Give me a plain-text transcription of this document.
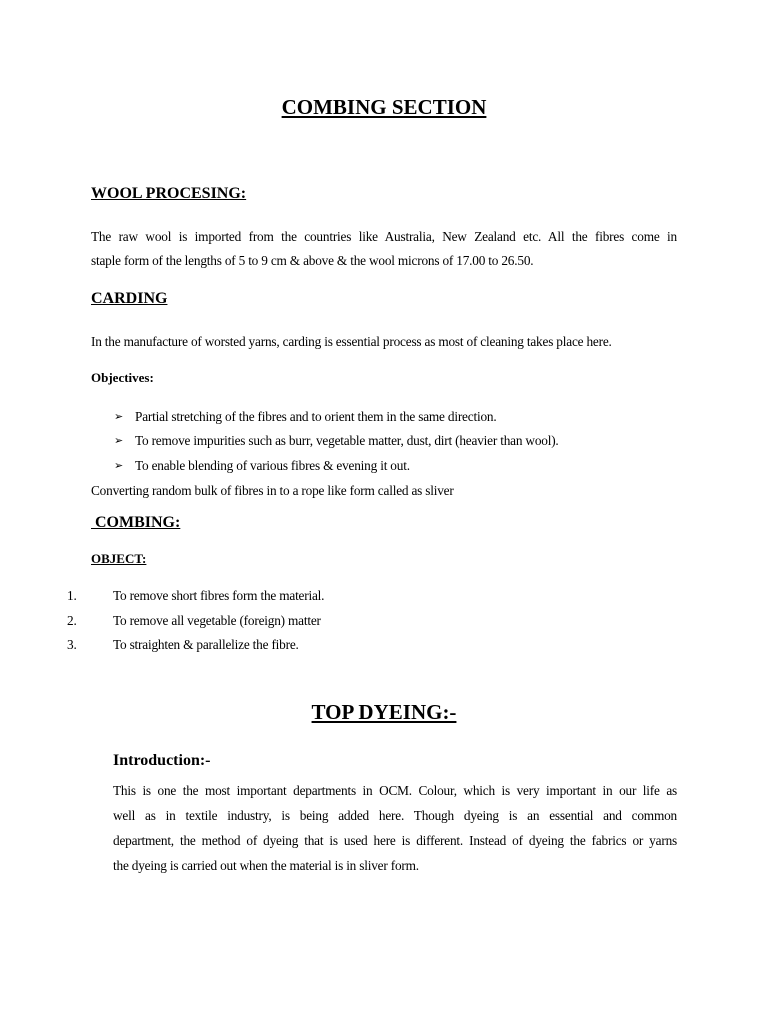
COMBING SECTION
WOOL PROCESING:
The raw wool is imported from the countries like Australia, New Zealand etc. All the fibres come in
staple form of the lengths of 5 to 9 cm & above & the wool microns of 17.00 to 26.50.
CARDING
In the manufacture of worsted yarns, carding is essential process as most of cleaning takes place here.
Objectives:
➢ Partial stretching of the fibres and to orient them in the same direction.
➢ To remove impurities such as burr, vegetable matter, dust, dirt (heavier than wool).
➢ To enable blending of various fibres & evening it out.
Converting random bulk of fibres in to a rope like form called as sliver
COMBING:
OBJECT:
1.	To remove short fibres form the material.
2.	To remove all vegetable (foreign) matter
3.	To straighten & parallelize the fibre.
TOP DYEING:-
Introduction:-
This is one the most important departments in OCM. Colour, which is very important in our life as
well as in textile industry, is being added here. Though dyeing is an essential and common
department, the method of dyeing that is used here is different. Instead of dyeing the fabrics or yarns
the dyeing is carried out when the material is in sliver form.
